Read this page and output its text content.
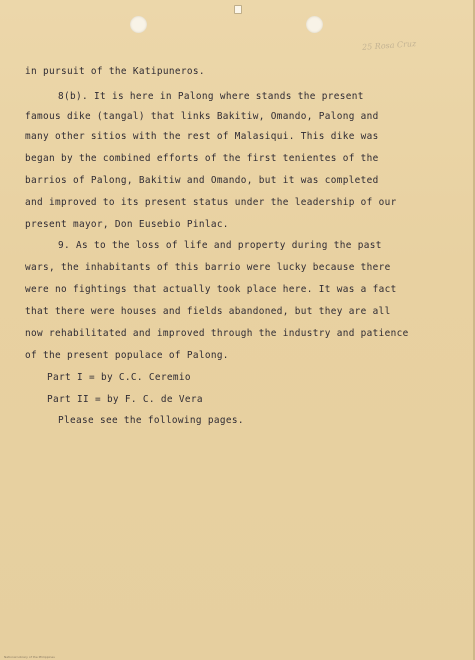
25 Rosa Cruz
in pursuit of the Katipuneros.
8(b). It is here in Palong where stands the present
famous dike (tangal) that links Bakitiw, Omando, Palong and
many other sitios with the rest of Malasiqui. This dike was
began by the combined efforts of the first tenientes of the
barrios of Palong, Bakitiw and Omando, but it was completed
and improved to its present status under the leadership of our
present mayor, Don Eusebio Pinlac.
9. As to the loss of life and property during the past
wars, the inhabitants of this barrio were lucky because there
were no fightings that actually took place here. It was a fact
that there were houses and fields abandoned, but they are all
now rehabilitated and improved through the industry and patience
of the present populace of Palong.
Part I = by C.C. Ceremio
Part II = by F. C. de Vera
Please see the following pages.
National Library of the Philippines
